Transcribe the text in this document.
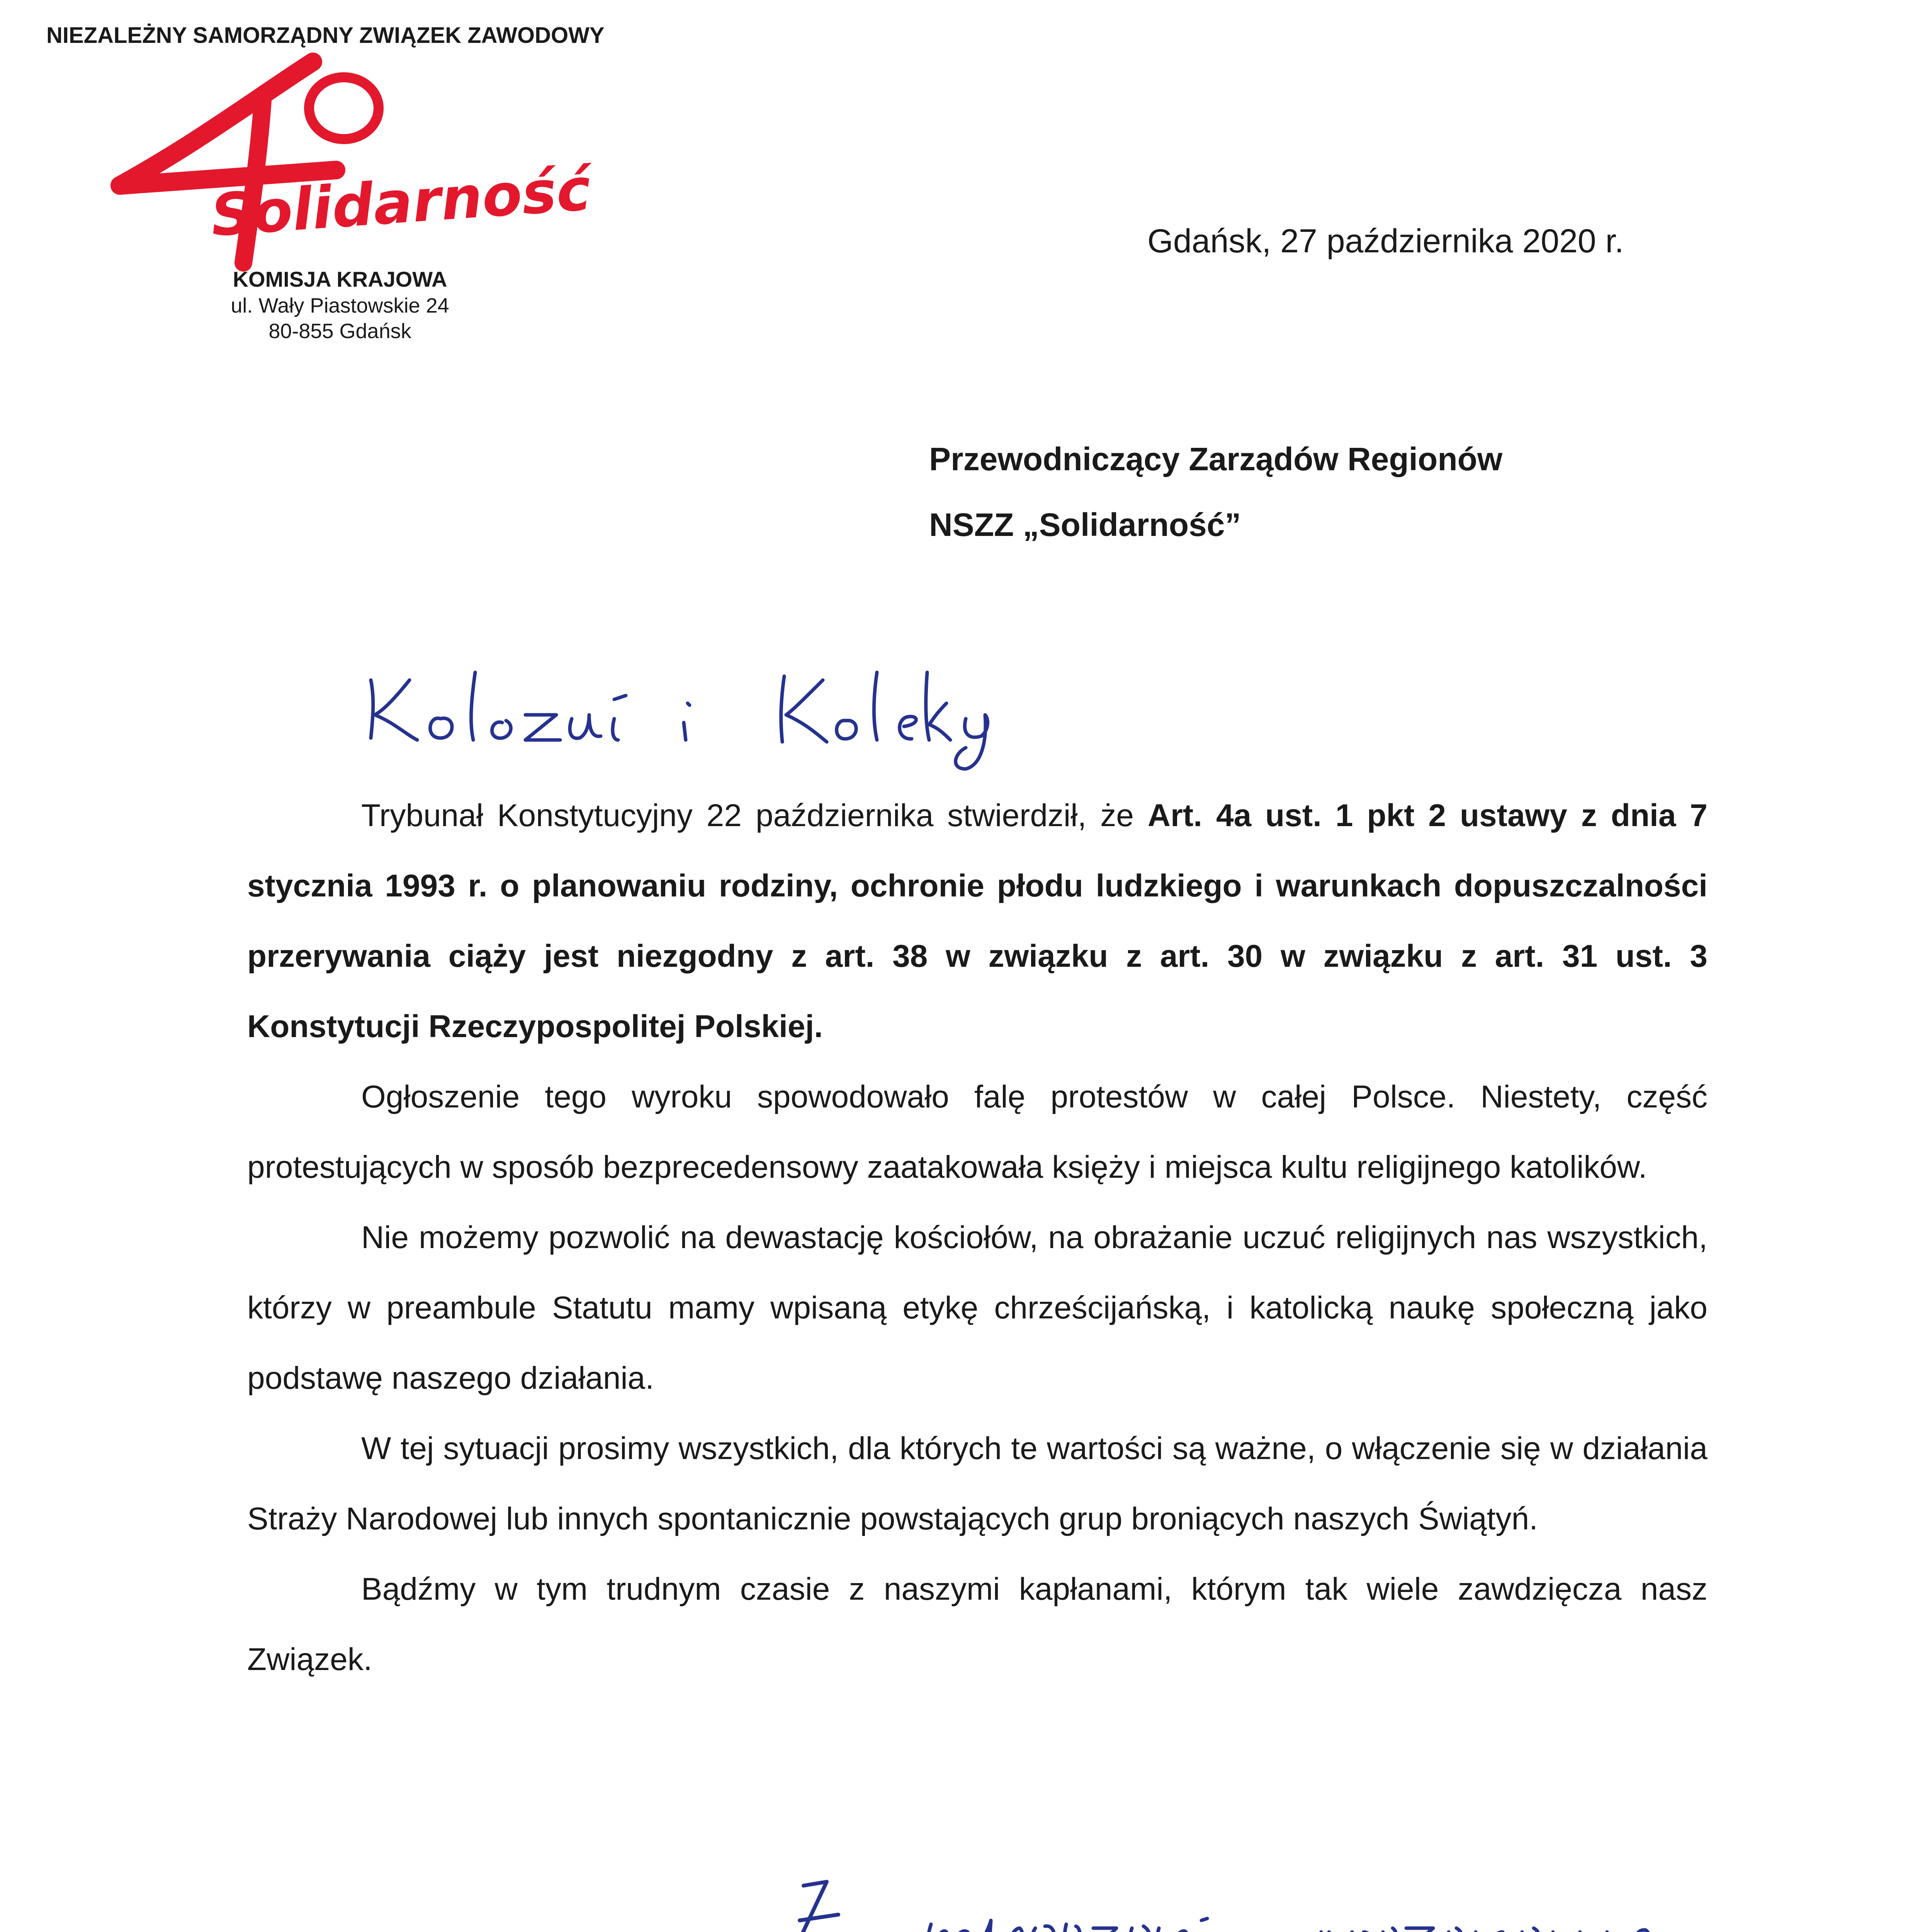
NIEZALEŻNY SAMORZĄDNY ZWIĄZEK ZAWODOWY
Solidarność
KOMISJA KRAJOWA
ul. Wały Piastowskie 24
80-855 Gdańsk
Gdańsk, 27 października 2020 r.
Przewodniczący Zarządów Regionów
NSZZ „Solidarność”

Trybunał Konstytucyjny 22 października stwierdził, że Art. 4a ust. 1 pkt 2 ustawy z dnia 7 stycznia 1993 r. o planowaniu rodziny, ochronie płodu ludzkiego i warunkach dopuszczalności przerywania ciąży jest niezgodny z art. 38 w związku z art. 30 w związku z art. 31 ust. 3 Konstytucji Rzeczypospolitej Polskiej.

Ogłoszenie tego wyroku spowodowało falę protestów w całej Polsce. Niestety, część protestujących w sposób bezprecedensowy zaatakowała księży i miejsca kultu religijnego katolików.

Nie możemy pozwolić na dewastację kościołów, na obrażanie uczuć religijnych nas wszystkich, którzy w preambule Statutu mamy wpisaną etykę chrześcijańską, i katolicką naukę społeczną jako podstawę naszego działania.

W tej sytuacji prosimy wszystkich, dla których te wartości są ważne, o włączenie się w działania Straży Narodowej lub innych spontanicznie powstających grup broniących naszych Świątyń.

Bądźmy w tym trudnym czasie z naszymi kapłanami, którym tak wiele zawdzięcza nasz Związek.
